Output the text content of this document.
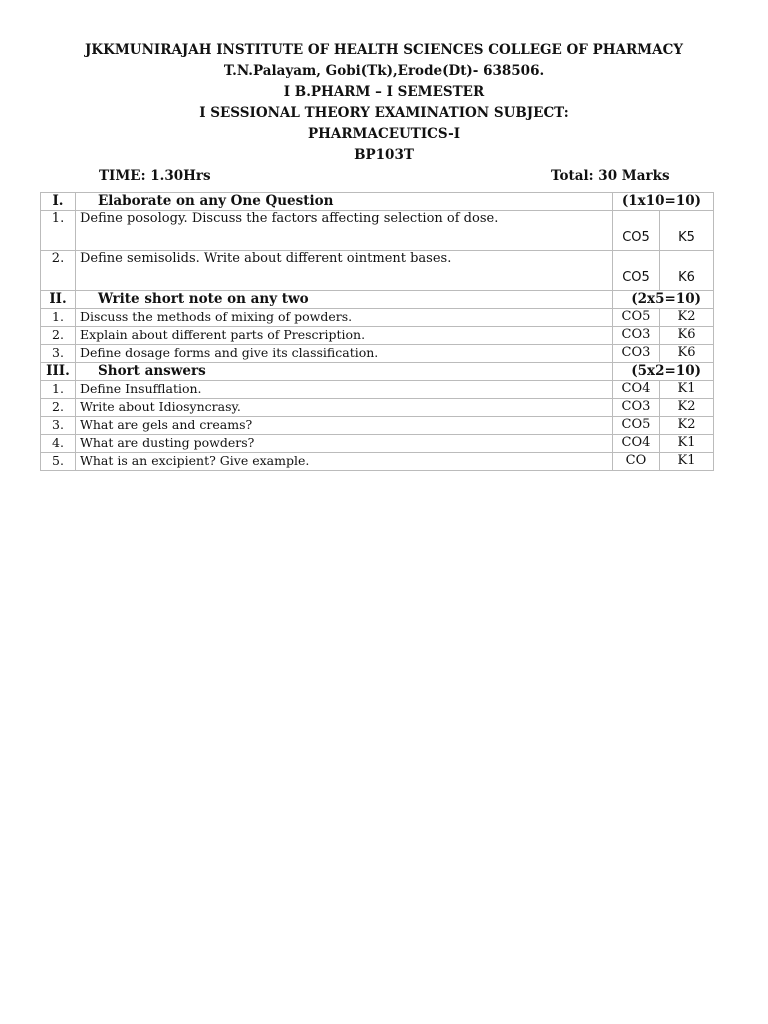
JKKMUNIRAJAH INSTITUTE OF HEALTH SCIENCES COLLEGE OF PHARMACY
T.N.Palayam, Gobi(Tk),Erode(Dt)- 638506.
I B.PHARM – I SEMESTER
I SESSIONAL THEORY EXAMINATION SUBJECT:
PHARMACEUTICS-I
BP103T
TIME: 1.30Hrs	Total: 30 Marks
I.	Elaborate on any One Question	(1x10=10)	
1.	Define posology. Discuss the factors affecting selection of dose.	CO5	K5
2.	Define semisolids. Write about different ointment bases.	CO5	K6
II.	Write short note on any two	(2x5=10)	
1.	Discuss the methods of mixing of powders.	CO5	K2
2.	Explain about different parts of Prescription.	CO3	K6
3.	Define dosage forms and give its classification.	CO3	K6
III.	Short answers	(5x2=10)	
1.	Define Insufflation.	CO4	K1
2.	Write about Idiosyncrasy.	CO3	K2
3.	What are gels and creams?	CO5	K2
4.	What are dusting powders?	CO4	K1
5.	What is an excipient? Give example.	CO	K1
